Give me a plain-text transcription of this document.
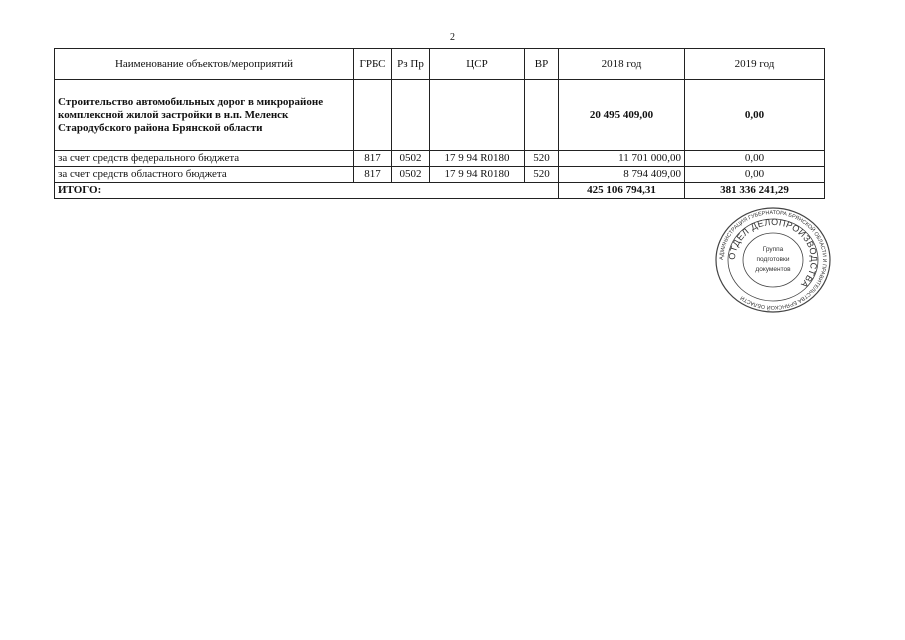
2
Наименование объектов/мероприятий	ГРБС	Рз Пр	ЦСР	ВР	2018 год	2019 год
Строительство автомобильных дорог в микрорайоне комплексной жилой застройки в н.п. Меленск Стародубского района Брянской области					20 495 409,00	0,00
за счет средств федерального бюджета	817	0502	17 9 94 R0180	520	11 701 000,00	0,00
за счет средств областного бюджета	817	0502	17 9 94 R0180	520	8 794 409,00	0,00
ИТОГО:					425 106 794,31	381 336 241,29
АДМИНИСТРАЦИЯ ГУБЕРНАТОРА БРЯНСКОЙ ОБЛАСТИ И ПРАВИТЕЛЬСТВА БРЯНСКОЙ ОБЛАСТИ
ОТДЕЛ ДЕЛОПРОИЗВОДСТВА
Группа
подготовки
документов
